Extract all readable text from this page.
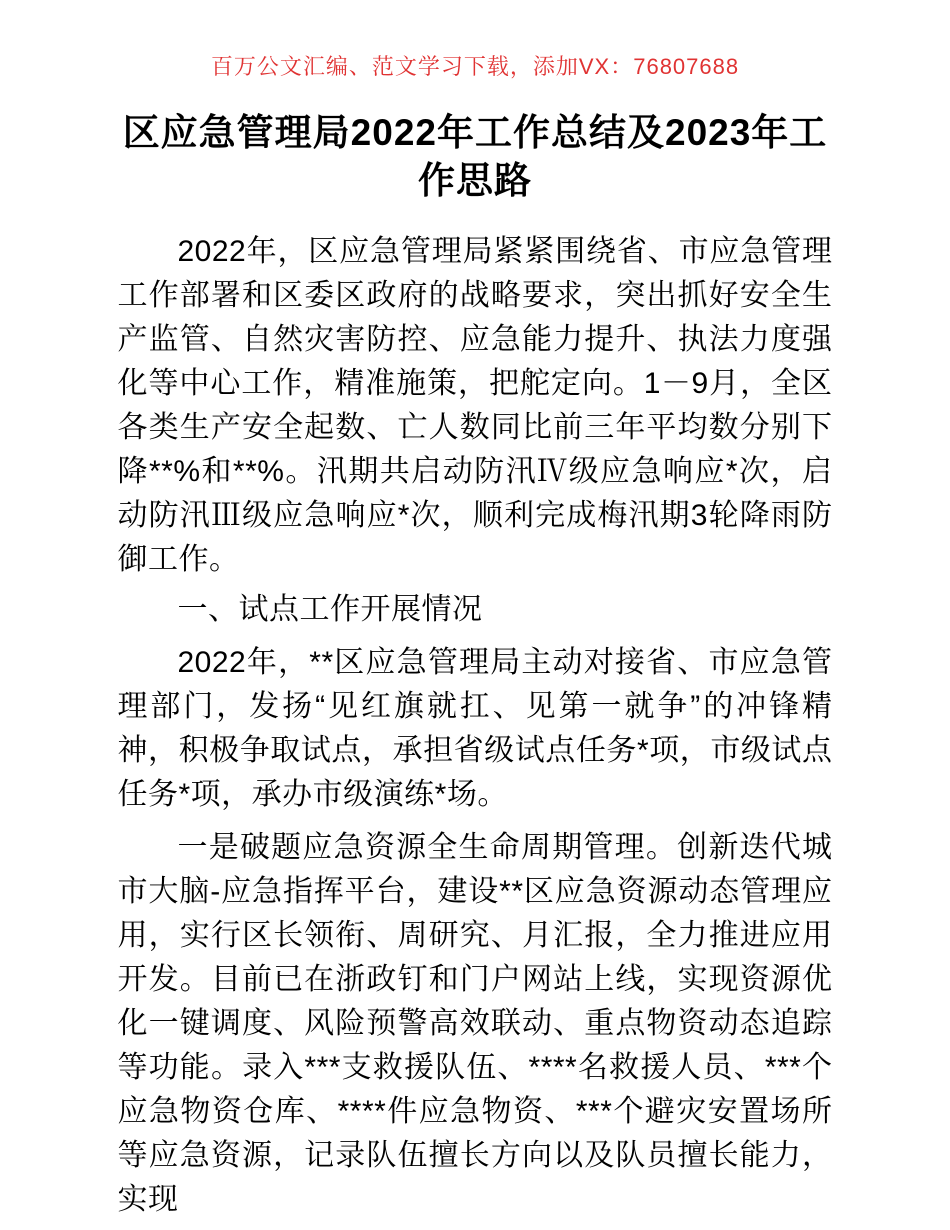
百万公文汇编、范文学习下载，添加VX：76807688
区应急管理局2022年工作总结及2023年工作思路

2022年，区应急管理局紧紧围绕省、市应急管理工作部署和区委区政府的战略要求，突出抓好安全生产监管、自然灾害防控、应急能力提升、执法力度强化等中心工作，精准施策，把舵定向。1－9月，全区各类生产安全起数、亡人数同比前三年平均数分别下降**%和**%。汛期共启动防汛Ⅳ级应急响应*次，启动防汛Ⅲ级应急响应*次，顺利完成梅汛期3轮降雨防御工作。

一、试点工作开展情况

2022年，**区应急管理局主动对接省、市应急管理部门，发扬“见红旗就扛、见第一就争”的冲锋精神，积极争取试点，承担省级试点任务*项，市级试点任务*项，承办市级演练*场。

一是破题应急资源全生命周期管理。创新迭代城市大脑-应急指挥平台，建设**区应急资源动态管理应用，实行区长领衔、周研究、月汇报，全力推进应用开发。目前已在浙政钉和门户网站上线，实现资源优化一键调度、风险预警高效联动、重点物资动态追踪等功能。录入***支救援队伍、****名救援人员、***个应急物资仓库、****件应急物资、***个避灾安置场所等应急资源，记录队伍擅长方向以及队员擅长能力，实现
